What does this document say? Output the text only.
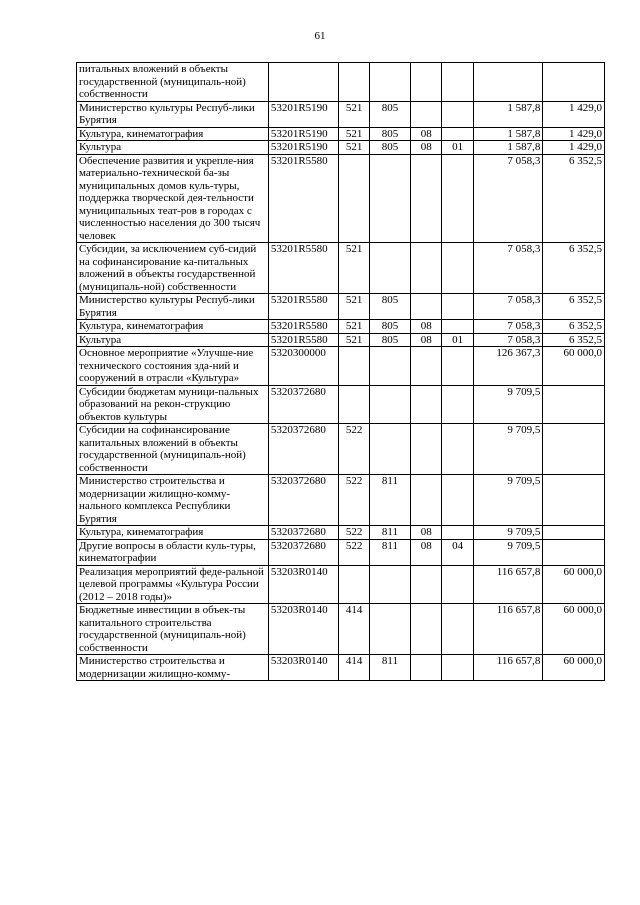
61
питальных вложений в объекты государственной (муниципаль-ной) собственности							
Министерство культуры Респуб-лики Бурятия	53201R5190	521	805			1 587,8	1 429,0
Культура, кинематография	53201R5190	521	805	08		1 587,8	1 429,0
Культура	53201R5190	521	805	08	01	1 587,8	1 429,0
Обеспечение развития и укрепле-ния материально-технической ба-зы муниципальных домов куль-туры, поддержка творческой дея-тельности муниципальных теат-ров в городах с численностью населения до 300 тысяч человек	53201R5580					7 058,3	6 352,5
Субсидии, за исключением суб-сидий на софинансирование ка-питальных вложений в объекты государственной (муниципаль-ной) собственности	53201R5580	521				7 058,3	6 352,5
Министерство культуры Респуб-лики Бурятия	53201R5580	521	805			7 058,3	6 352,5
Культура, кинематография	53201R5580	521	805	08		7 058,3	6 352,5
Культура	53201R5580	521	805	08	01	7 058,3	6 352,5
Основное мероприятие «Улучше-ние технического состояния зда-ний и сооружений в отрасли «Культура»	5320300000					126 367,3	60 000,0
Субсидии бюджетам муници-пальных образований на рекон-струкцию объектов культуры	5320372680					9 709,5	
Субсидии на софинансирование капитальных вложений в объекты государственной (муниципаль-ной) собственности	5320372680	522				9 709,5	
Министерство строительства и модернизации жилищно-комму-нального комплекса Республики Бурятия	5320372680	522	811			9 709,5	
Культура, кинематография	5320372680	522	811	08		9 709,5	
Другие вопросы в области куль-туры, кинематографии	5320372680	522	811	08	04	9 709,5	
Реализация мероприятий феде-ральной целевой программы «Культура России (2012 – 2018 годы)»	53203R0140					116 657,8	60 000,0
Бюджетные инвестиции в объек-ты капитального строительства государственной (муниципаль-ной) собственности	53203R0140	414				116 657,8	60 000,0
Министерство строительства и модернизации жилищно-комму-	53203R0140	414	811			116 657,8	60 000,0
